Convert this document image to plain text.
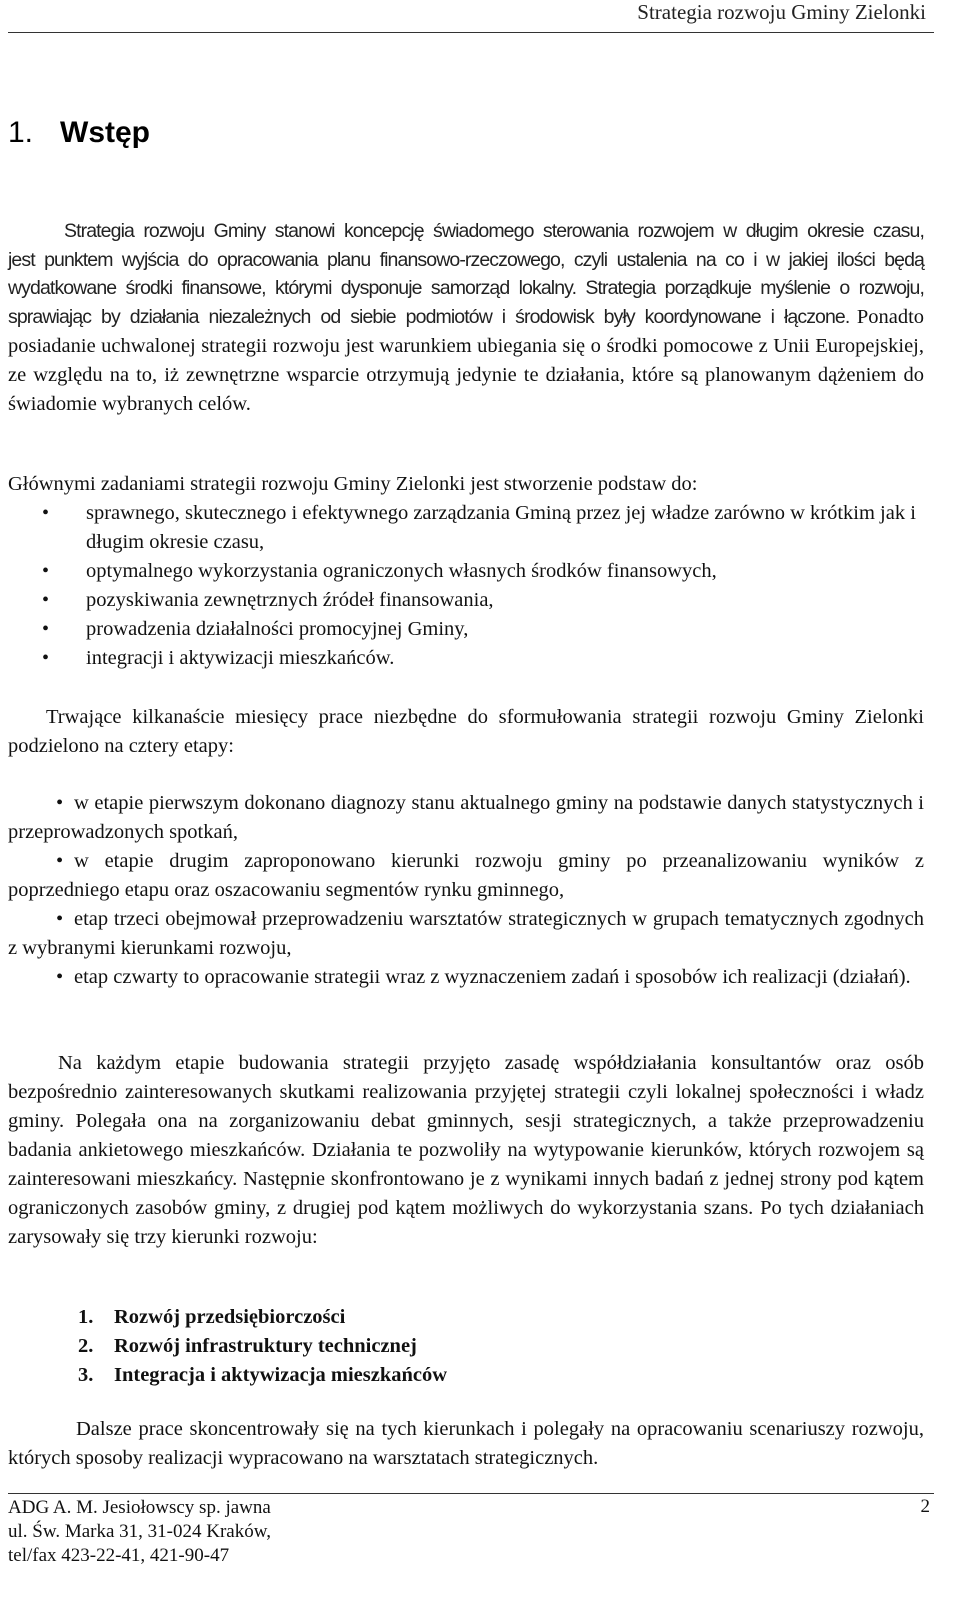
Strategia rozwoju Gminy Zielonki
1. Wstęp

Strategia rozwoju Gminy stanowi koncepcję świadomego sterowania rozwojem w długim okresie czasu, jest punktem wyjścia do opracowania planu finansowo-rzeczowego, czyli ustalenia na co i w jakiej ilości będą wydatkowane środki finansowe, którymi dysponuje samorząd lokalny. Strategia porządkuje myślenie o rozwoju, sprawiając by działania niezależnych od siebie podmiotów i środowisk były koordynowane i łączone. Ponadto posiadanie uchwalonej strategii rozwoju jest warunkiem ubiegania się o środki pomocowe z Unii Europejskiej, ze względu na to, iż zewnętrzne wsparcie otrzymują jedynie te działania, które są planowanym dążeniem do świadomie wybranych celów.

Głównymi zadaniami strategii rozwoju Gminy Zielonki jest stworzenie podstaw do:
• sprawnego, skutecznego i efektywnego zarządzania Gminą przez jej władze zarówno w krótkim jak i długim okresie czasu,
• optymalnego wykorzystania ograniczonych własnych środków finansowych,
• pozyskiwania zewnętrznych źródeł finansowania,
• prowadzenia działalności promocyjnej Gminy,
• integracji i aktywizacji mieszkańców.

Trwające kilkanaście miesięcy prace niezbędne do sformułowania strategii rozwoju Gminy Zielonki podzielono na cztery etapy:

• w etapie pierwszym dokonano diagnozy stanu aktualnego gminy na podstawie danych statystycznych i przeprowadzonych spotkań,
• w etapie drugim zaproponowano kierunki rozwoju gminy po przeanalizowaniu wyników z poprzedniego etapu oraz oszacowaniu segmentów rynku gminnego,
• etap trzeci obejmował przeprowadzeniu warsztatów strategicznych w grupach tematycznych zgodnych z wybranymi kierunkami rozwoju,
• etap czwarty to opracowanie strategii wraz z wyznaczeniem zadań i sposobów ich realizacji (działań).

Na każdym etapie budowania strategii przyjęto zasadę współdziałania konsultantów oraz osób bezpośrednio zainteresowanych skutkami realizowania przyjętej strategii czyli lokalnej społeczności i władz gminy. Polegała ona na zorganizowaniu debat gminnych, sesji strategicznych, a także przeprowadzeniu badania ankietowego mieszkańców. Działania te pozwoliły na wytypowanie kierunków, których rozwojem są zainteresowani mieszkańcy. Następnie skonfrontowano je z wynikami innych badań z jednej strony pod kątem ograniczonych zasobów gminy, z drugiej pod kątem możliwych do wykorzystania szans. Po tych działaniach zarysowały się trzy kierunki rozwoju:

1. Rozwój przedsiębiorczości
2. Rozwój infrastruktury technicznej
3. Integracja i aktywizacja mieszkańców

Dalsze prace skoncentrowały się na tych kierunkach i polegały na opracowaniu scenariuszy rozwoju, których sposoby realizacji wypracowano na warsztatach strategicznych.

ADG A. M. Jesiołowscy sp. jawna
ul. Św. Marka 31, 31-024 Kraków,
tel/fax 423-22-41, 421-90-47
2
